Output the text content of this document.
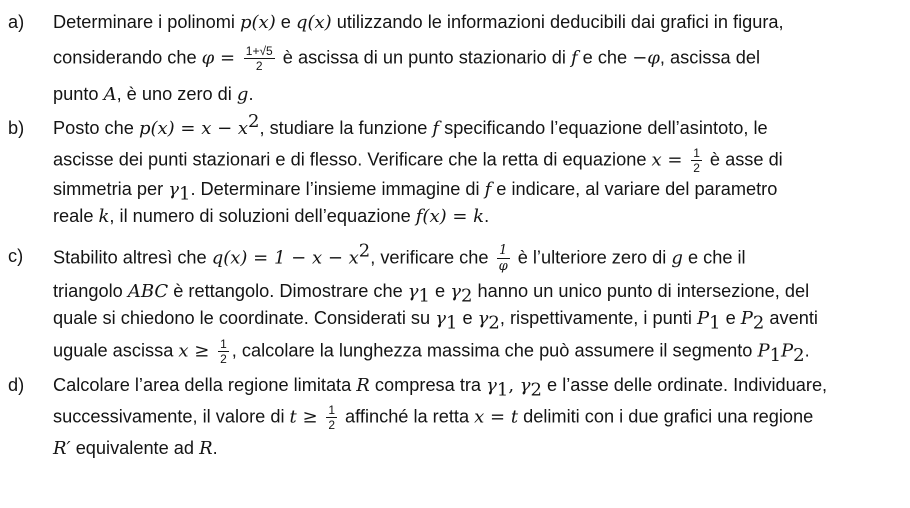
a)	Determinare i polinomi p(x) e q(x) utilizzando le informazioni deducibili dai grafici in figura,
considerando che $\varphi = \frac{1+√5}{2}$ è ascissa di un punto stazionario di f e che −φ, ascissa del
punto A, è uno zero di g.
b)	Posto che $p(x) = x - x^2$, studiare la funzione f specificando l’equazione dell’asintoto, le
ascisse dei punti stazionari e di flesso. Verificare che la retta di equazione $x = \frac{1}{2}$ è asse di
simmetria per $\gamma_1$. Determinare l’insieme immagine di f e indicare, al variare del parametro
reale k, il numero di soluzioni dell’equazione f(x) = k.
c)	Stabilito altresì che $q(x) = 1 - x - x^2$, verificare che $\frac{1}{\varphi}$ è l’ulteriore zero di g e che il
triangolo ABC è rettangolo. Dimostrare che $\gamma_1$ e $\gamma_2$ hanno un unico punto di intersezione, del
quale si chiedono le coordinate. Considerati su $\gamma_1$ e $\gamma_2$, rispettivamente, i punti $P_1$ e $P_2$ aventi
uguale ascissa $x \ge \frac{1}{2}$ , calcolare la lunghezza massima che può assumere il segmento $P_1P_2$.
d)	Calcolare l’area della regione limitata R compresa tra $\gamma_1$, $\gamma_2$ e l’asse delle ordinate. Individuare,
successivamente, il valore di $t \ge \frac{1}{2}$ affinché la retta x = t delimiti con i due grafici una regione
R′ equivalente ad R.
